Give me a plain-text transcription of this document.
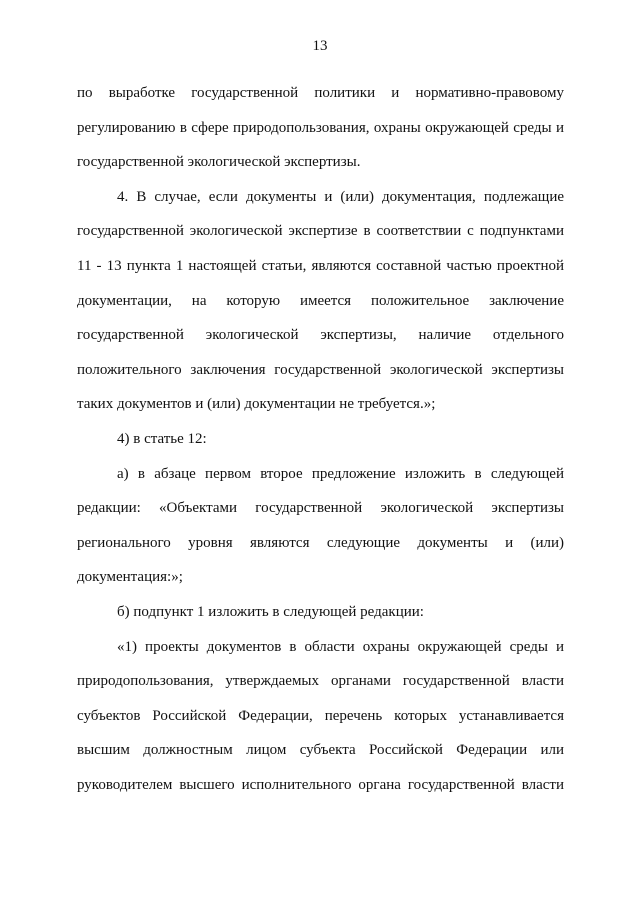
13

по выработке государственной политики и нормативно-правовому регулированию в сфере природопользования, охраны окружающей среды и государственной экологической экспертизы.

4. В случае, если документы и (или) документация, подлежащие государственной экологической экспертизе в соответствии с подпунктами 11 - 13 пункта 1 настоящей статьи, являются составной частью проектной документации, на которую имеется положительное заключение государственной экологической экспертизы, наличие отдельного положительного заключения государственной экологической экспертизы таких документов и (или) документации не требуется.»;

4) в статье 12:

а) в абзаце первом второе предложение изложить в следующей редакции: «Объектами государственной экологической экспертизы регионального уровня являются следующие документы и (или) документация:»;

б) подпункт 1 изложить в следующей редакции:

«1) проекты документов в области охраны окружающей среды и природопользования, утверждаемых органами государственной власти субъектов Российской Федерации, перечень которых устанавливается высшим должностным лицом субъекта Российской Федерации или руководителем высшего исполнительного органа государственной власти
